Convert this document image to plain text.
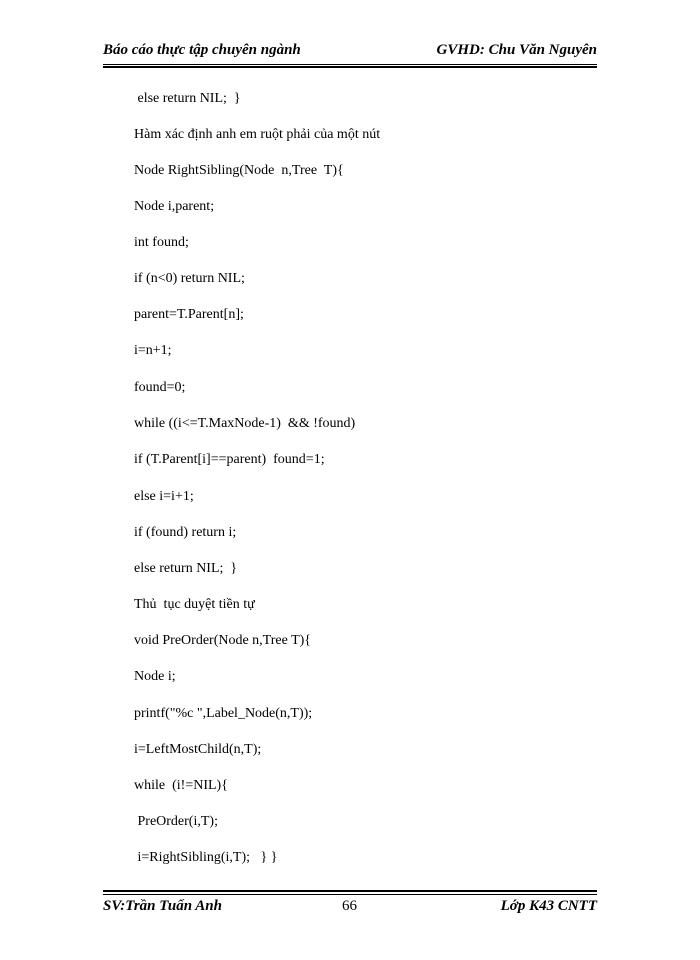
Báo cáo thực tập chuyên ngành	GVHD: Chu Văn Nguyên
else return NIL;  }
Hàm xác định anh em ruột phải của một nút
Node RightSibling(Node  n,Tree  T){
Node i,parent;
int found;
if (n<0) return NIL;
parent=T.Parent[n];
i=n+1;
found=0;
while ((i<=T.MaxNode-1)  && !found)
if (T.Parent[i]==parent)  found=1;
else i=i+1;
if (found) return i;
else return NIL;  }
Thủ  tục duyệt tiền tự
void PreOrder(Node n,Tree T){
Node i;
printf("%c ",Label_Node(n,T));
i=LeftMostChild(n,T);
while  (i!=NIL){
PreOrder(i,T);
i=RightSibling(i,T);   } }
SV:Trần Tuấn Anh	66	Lớp K43 CNTT
